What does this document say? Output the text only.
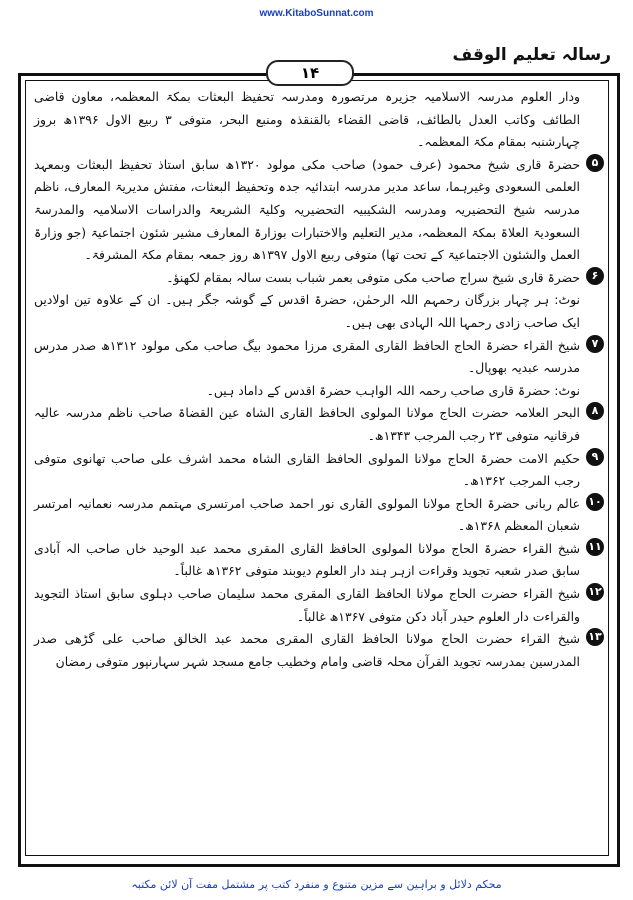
www.KitaboSunnat.com
رسالہ تعلیم الوقف
۱۴

ودار العلوم مدرسہ الاسلامیہ جزیرہ مرتصورہ ومدرسہ تحفیظ البعثات بمکۃ المعظمہ، معاون قاضی الطائف وکاتب العدل بالطائف، قاضی القضاء بالقنقذہ ومنبع البحر، متوفی ۳ ربیع الاول ۱۳۹۶ھ بروز چہارشنبہ بمقام مکۃ المعظمہ۔

۵

حضرۃ قاری شیخ محمود (عرف حمود) صاحب مکی مولود ۱۳۲۰ھ سابق استاذ تحفیظ البعثات وبمعہد العلمی السعودی وغیرہما، ساعد مدیر مدرسہ ابتدائیہ جدہ وتحفیظ البعثات، مفتش مدیریۃ المعارف، ناظم مدرسہ شیخ التحضیریہ ومدرسہ الشکیبیہ التحضیریہ وکلیۃ الشریعۃ والدراسات الاسلامیہ والمدرسۃ السعودیۃ العلاۃ بمکۃ المعظمہ، مدیر التعلیم والاختبارات بوزارۃ المعارف مشیر شئون اجتماعیۃ (جو وزارۃ العمل والشئون الاجتماعیۃ کے تحت تھا) متوفی ربیع الاول ۱۳۹۷ھ روز جمعہ بمقام مکۃ المشرفۃ۔

۶

حضرۃ قاری شیخ سراج صاحب مکی متوفی بعمر شباب بست سالہ بمقام لکھنؤ۔

نوٹ: ہر چہار بزرگان رحمہم اللہ الرحمٰن، حضرۃ اقدس کے گوشہ جگر ہیں۔ ان کے علاوہ تین اولادیں ایک صاحب زادی رحمہا اللہ الہادی بھی ہیں۔

۷

شیخ القراء حضرۃ الحاج الحافظ القاری المقری مرزا محمود بیگ صاحب مکی مولود ۱۳۱۲ھ صدر مدرس مدرسہ عبدیہ بھوپال۔

نوٹ: حضرۃ قاری صاحب رحمہ اللہ الواہب حضرۃ اقدس کے داماد ہیں۔

۸

البحر العلامہ حضرت الحاج مولانا المولوی الحافظ القاری الشاہ عین القضاۃ صاحب ناظم مدرسہ عالیہ فرقانیہ متوفی ۲۳ رجب المرجب ۱۳۴۳ھ۔

۹

حکیم الامت حضرۃ الحاج مولانا المولوی الحافظ القاری الشاہ محمد اشرف علی صاحب تھانوی متوفی رجب المرجب ۱۳۶۲ھ۔

۱۰

عالم ربانی حضرۃ الحاج مولانا المولوی القاری نور احمد صاحب امرتسری مہتمم مدرسہ نعمانیہ امرتسر شعبان المعظم ۱۳۶۸ھ۔

۱۱

شیخ القراء حضرۃ الحاج مولانا المولوی الحافظ القاری المقری محمد عبد الوحید خاں صاحب الہ آبادی سابق صدر شعبہ تجوید وقراءت ازہر ہند دار العلوم دیوبند متوفی ۱۳۶۲ھ غالباً۔

۱۲

شیخ القراء حضرت الحاج مولانا الحافظ القاری المقری محمد سلیمان صاحب دہلوی سابق استاذ التجوید والقراءت دار العلوم حیدر آباد دکن متوفی ۱۳۶۷ھ غالباً۔

۱۳

شیخ القراء حضرت الحاج مولانا الحافظ القاری المقری محمد عبد الخالق صاحب علی گڑھی صدر المدرسین بمدرسہ تجوید القرآن محلہ قاضی وامام وخطیب جامع مسجد شہر سہارنپور متوفی رمضان

محکم دلائل و براہین سے مزین متنوع و منفرد کتب پر مشتمل مفت آن لائن مکتبہ
